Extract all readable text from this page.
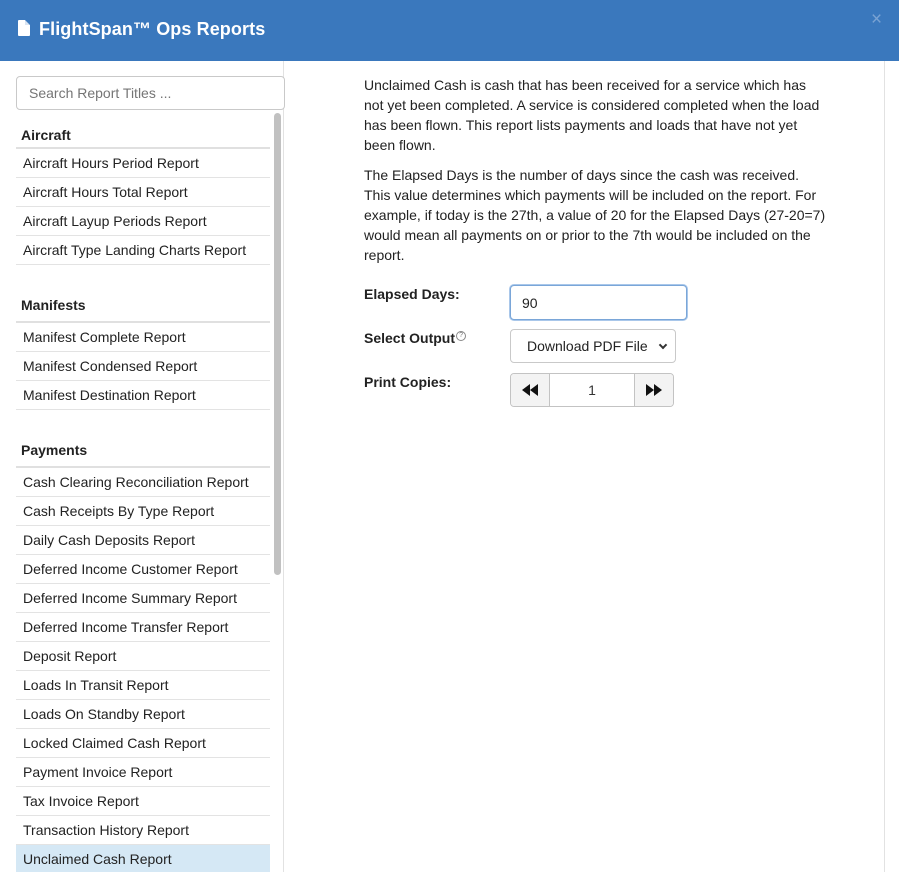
FlightSpan™ Ops Reports	×
Search Report Titles ...
Aircraft
Aircraft Hours Period Report
Aircraft Hours Total Report
Aircraft Layup Periods Report
Aircraft Type Landing Charts Report
Manifests
Manifest Complete Report
Manifest Condensed Report
Manifest Destination Report
Payments
Cash Clearing Reconciliation Report
Cash Receipts By Type Report
Daily Cash Deposits Report
Deferred Income Customer Report
Deferred Income Summary Report
Deferred Income Transfer Report
Deposit Report
Loads In Transit Report
Loads On Standby Report
Locked Claimed Cash Report
Payment Invoice Report
Tax Invoice Report
Transaction History Report
Unclaimed Cash Report

Unclaimed Cash is cash that has been received for a service which has not yet been completed. A service is considered completed when the load has been flown. This report lists payments and loads that have not yet been flown.

The Elapsed Days is the number of days since the cash was received. This value determines which payments will be included on the report. For example, if today is the 27th, a value of 20 for the Elapsed Days (27-20=7) would mean all payments on or prior to the 7th would be included on the report.

Elapsed Days:
90
Select Output ?
Download PDF File
Print Copies:	1
